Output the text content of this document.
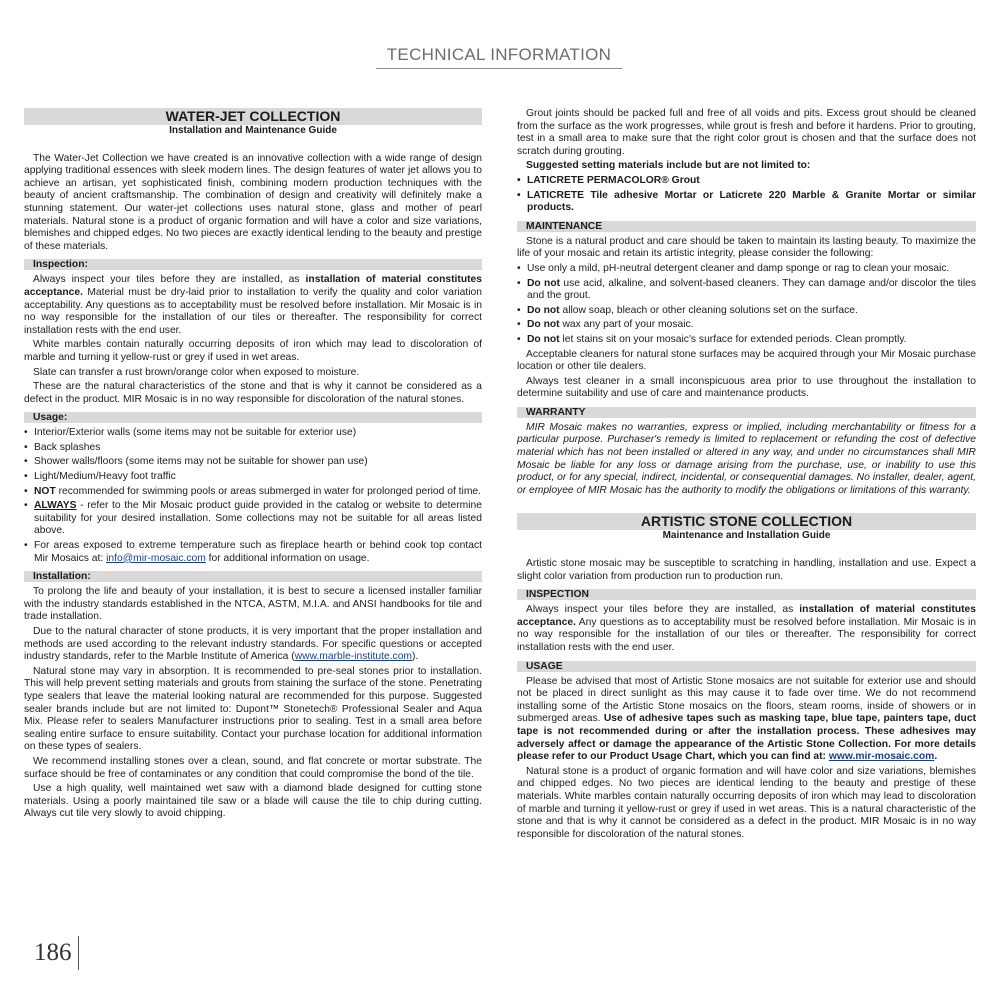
TECHNICAL INFORMATION
WATER-JET COLLECTION
Installation and Maintenance Guide

The Water-Jet Collection we have created is an innovative collection with a wide range of design applying traditional essences with sleek modern lines. The design features of water jet allows you to achieve an artisan, yet sophisticated finish, combining modern production techniques with the beauty of ancient craftsmanship. The combination of design and creativity will definitely make a stunning statement. Our water-jet collections uses natural stone, glass and mother of pearl materials. Natural stone is a product of organic formation and will have a color and size variations, blemishes and chipped edges. No two pieces are exactly identical lending to the beauty and prestige of these materials.

Inspection:

Always inspect your tiles before they are installed, as installation of material constitutes acceptance. Material must be dry-laid prior to installation to verify the quality and color variation acceptability. Any questions as to acceptability must be resolved before installation. Mir Mosaic is in no way responsible for the installation of our tiles or thereafter. The responsibility for correct installation rests with the end user.

White marbles contain naturally occurring deposits of iron which may lead to discoloration of marble and turning it yellow-rust or grey if used in wet areas.

Slate can transfer a rust brown/orange color when exposed to moisture.

These are the natural characteristics of the stone and that is why it cannot be considered as a defect in the product. MIR Mosaic is in no way responsible for discoloration of the natural stones.

Usage:
• Interior/Exterior walls (some items may not be suitable for exterior use)
• Back splashes
• Shower walls/floors (some items may not be suitable for shower pan use)
• Light/Medium/Heavy foot traffic
• NOT recommended for swimming pools or areas submerged in water for prolonged period of time.
• ALWAYS - refer to the Mir Mosaic product guide provided in the catalog or website to determine suitability for your desired installation. Some collections may not be suitable for all areas listed above.
• For areas exposed to extreme temperature such as fireplace hearth or behind cook top contact Mir Mosaics at: info@mir-mosaic.com for additional information on usage.
Installation:

To prolong the life and beauty of your installation, it is best to secure a licensed installer familiar with the industry standards established in the NTCA, ASTM, M.I.A. and ANSI handbooks for tile and trade installation.

Due to the natural character of stone products, it is very important that the proper installation and methods are used according to the relevant industry standards. For specific questions or accepted industry standards, refer to the Marble Institute of America (www.marble-institute.com).

Natural stone may vary in absorption. It is recommended to pre-seal stones prior to installation. This will help prevent setting materials and grouts from staining the surface of the stone. Penetrating type sealers that leave the material looking natural are recommended for this purpose. Suggested sealer brands include but are not limited to: Dupont™ Stonetech® Professional Sealer and Aqua Mix. Please refer to sealers Manufacturer instructions prior to sealing. Test in a small area before sealing entire surface to ensure suitability. Contact your purchase location for additional information on these types of sealers.

We recommend installing stones over a clean, sound, and flat concrete or mortar substrate. The surface should be free of contaminates or any condition that could compromise the bond of the tile.

Use a high quality, well maintained wet saw with a diamond blade designed for cutting stone materials. Using a poorly maintained tile saw or a blade will cause the tile to chip during cutting. Always cut tile very slowly to avoid chipping.

Grout joints should be packed full and free of all voids and pits. Excess grout should be cleaned from the surface as the work progresses, while grout is fresh and before it hardens. Prior to grouting, test in a small area to make sure that the right color grout is chosen and that the surface does not scratch during grouting.

Suggested setting materials include but are not limited to:

• LATICRETE PERMACOLOR® Grout
• LATICRETE Tile adhesive Mortar or Laticrete 220 Marble & Granite Mortar or similar products.
MAINTENANCE

Stone is a natural product and care should be taken to maintain its lasting beauty. To maximize the life of your mosaic and retain its artistic integrity, please consider the following:

• Use only a mild, pH-neutral detergent cleaner and damp sponge or rag to clean your mosaic.
• Do not use acid, alkaline, and solvent-based cleaners. They can damage and/or discolor the tiles and the grout.
• Do not allow soap, bleach or other cleaning solutions set on the surface.
• Do not wax any part of your mosaic.
• Do not let stains sit on your mosaic's surface for extended periods. Clean promptly.

Acceptable cleaners for natural stone surfaces may be acquired through your Mir Mosaic purchase location or other tile dealers.

Always test cleaner in a small inconspicuous area prior to use throughout the installation to determine suitability and use of care and maintenance products.

WARRANTY

MIR Mosaic makes no warranties, express or implied, including merchantability or fitness for a particular purpose. Purchaser's remedy is limited to replacement or refunding the cost of defective material which has not been installed or altered in any way, and under no circumstances shall MIR Mosaic be liable for any loss or damage arising from the purchase, use, or inability to use this product, or for any special, indirect, incidental, or consequential damages. No installer, dealer, agent, or employee of MIR Mosaic has the authority to modify the obligations or limitations of this warranty.

ARTISTIC STONE COLLECTION
Maintenance and Installation Guide

Artistic stone mosaic may be susceptible to scratching in handling, installation and use. Expect a slight color variation from production run to production run.

INSPECTION

Always inspect your tiles before they are installed, as installation of material constitutes acceptance. Any questions as to acceptability must be resolved before installation. Mir Mosaic is in no way responsible for the installation of our tiles or thereafter. The responsibility for correct installation rests with the end user.

USAGE

Please be advised that most of Artistic Stone mosaics are not suitable for exterior use and should not be placed in direct sunlight as this may cause it to fade over time. We do not recommend installing some of the Artistic Stone mosaics on the floors, steam rooms, inside of showers or in submerged areas. Use of adhesive tapes such as masking tape, blue tape, painters tape, duct tape is not recommended during or after the installation process. These adhesives may adversely affect or damage the appearance of the Artistic Stone Collection. For more details please refer to our Product Usage Chart, which you can find at: www.mir-mosaic.com.

Natural stone is a product of organic formation and will have color and size variations, blemishes and chipped edges. No two pieces are identical lending to the beauty and prestige of these materials. White marbles contain naturally occurring deposits of iron which may lead to discoloration of marble and turning it yellow-rust or grey if used in wet areas. This is a natural characteristic of the stone and that is why it cannot be considered as a defect in the product. MIR Mosaic is in no way responsible for discoloration of the natural stones.

186
